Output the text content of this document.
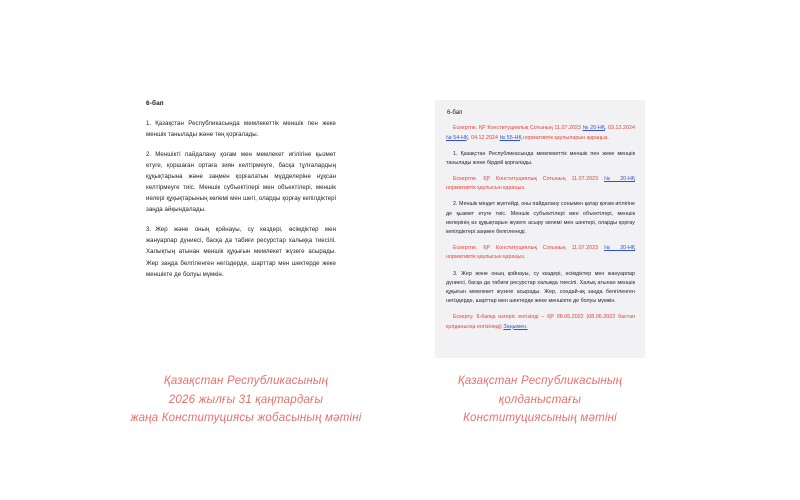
6-бап
1. Қазақстан Республикасында мемлекеттік меншік пен жеке меншік танылады және тең қорғалады.
2. Меншікті пайдалану қоғам мен мемлекет игілігіне қызмет етуге, қоршаған ортаға зиян келтірмеуге, басқа тұлғалардың құқықтарына және заңмен қорғалатын мүдделеріне нұқсан келтірмеуге тиіс. Меншік субъектілері мен объектілері, меншік иелері құқықтарының көлемі мен шегі, оларды қорғау кепілдіктері заңда айқындалады.
3. Жер және оның қойнауы, су көздері, өсімдіктер мен жануарлар дүниесі, басқа да табиғи ресурстар халыққа тиесілі. Халықтың атынан меншік құқығын мемлекет жүзеге асырады. Жер заңда белгіленген негіздерде, шарттар мен шектерде жеке меншікте де болуы мүмкін.
6-бап
Ескертпе. ҚР Конституциялық Сотының 11.07.2023 № 20-НҚ, 03.12.2024 № 54-НҚ, 04.12.2024 № 55-НҚ нормативтік қаулыларын қараңыз.
1. Қазақстан Республикасында мемлекеттік меншік пен жеке меншік танылады және бірдей қорғалады.
Ескертпе. ҚР Конституциялық Сотының 11.07.2023 № 20-НҚ нормативтік қаулысын қараңыз.
2. Меншік міндет жүктейді, оны пайдалану сонымен қатар қоғам игілігіне де қызмет етуге тиіс. Меншік субъектілері мен объектілері, меншік иелерінің өз құқықтарын жүзеге асыру көлемі мен шектері, оларды қорғау кепілдіктері заңмен белгіленеді.
Ескертпе. ҚР Конституциялық Сотының 11.07.2023 № 20-НҚ нормативтік қаулысын қараңыз.
3. Жер және оның қойнауы, су көздері, өсімдіктер мен жануарлар дүниесі, басқа да табиғи ресурстар халыққа тиесілі. Халық атынан меншік құқығын мемлекет жүзеге асырады. Жер, сондай-ақ заңда белгіленген негіздерде, шарттар мен шектерде жеке меншікте де болуы мүмкін.
Ескерту. 6-бапқа өзгеріс енгізілді – ҚР 08.06.2022 (08.06.2022 бастап қолданысқа енгізіледі) Заңымен.
Қазақстан Республикасының
2026 жылғы 31 қаңтардағы
жаңа Конституциясы жобасының мәтіні
Қазақстан Республикасының
қолданыстағы
Конституциясының мәтіні
